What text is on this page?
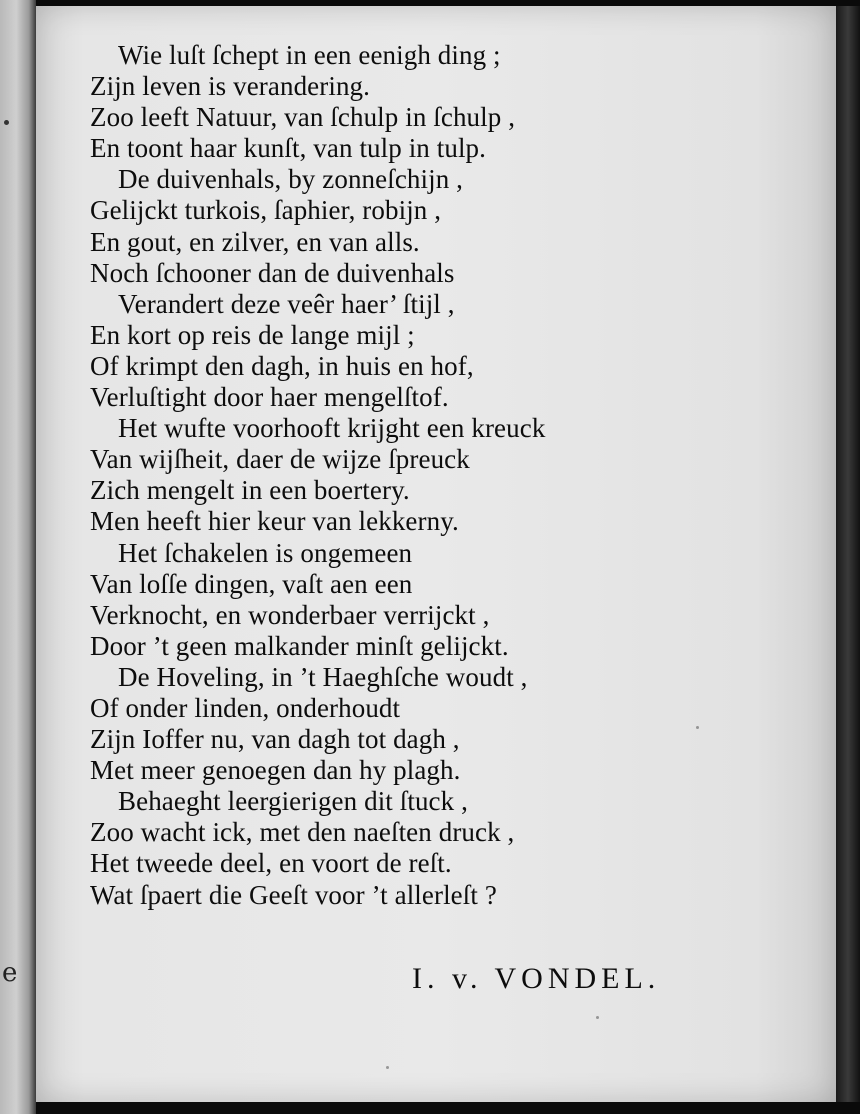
e
Wie luſt ſchept in een eenigh ding ;
Zijn leven is verandering.
Zoo leeft Natuur, van ſchulp in ſchulp ,
En toont haar kunſt, van tulp in tulp.
De duivenhals, by zonneſchijn ,
Gelijckt turkois, ſaphier, robijn ,
En gout, en zilver, en van alls.
Noch ſchooner dan de duivenhals
Verandert deze veêr haer’ ſtijl ,
En kort op reis de lange mijl ;
Of krimpt den dagh, in huis en hof,
Verluſtight door haer mengelſtof.
Het wufte voorhooft krijght een kreuck
Van wijſheit, daer de wijze ſpreuck
Zich mengelt in een boertery.
Men heeft hier keur van lekkerny.
Het ſchakelen is ongemeen
Van loſſe dingen, vaſt aen een
Verknocht, en wonderbaer verrijckt ,
Door ’t geen malkander minſt gelijckt.
De Hoveling, in ’t Haeghſche woudt ,
Of onder linden, onderhoudt
Zijn Ioffer nu, van dagh tot dagh ,
Met meer genoegen dan hy plagh.
Behaeght leergierigen dit ſtuck ,
Zoo wacht ick, met den naeſten druck ,
Het tweede deel, en voort de reſt.
Wat ſpaert die Geeſt voor ’t allerleſt ?
I. v. VONDEL.
